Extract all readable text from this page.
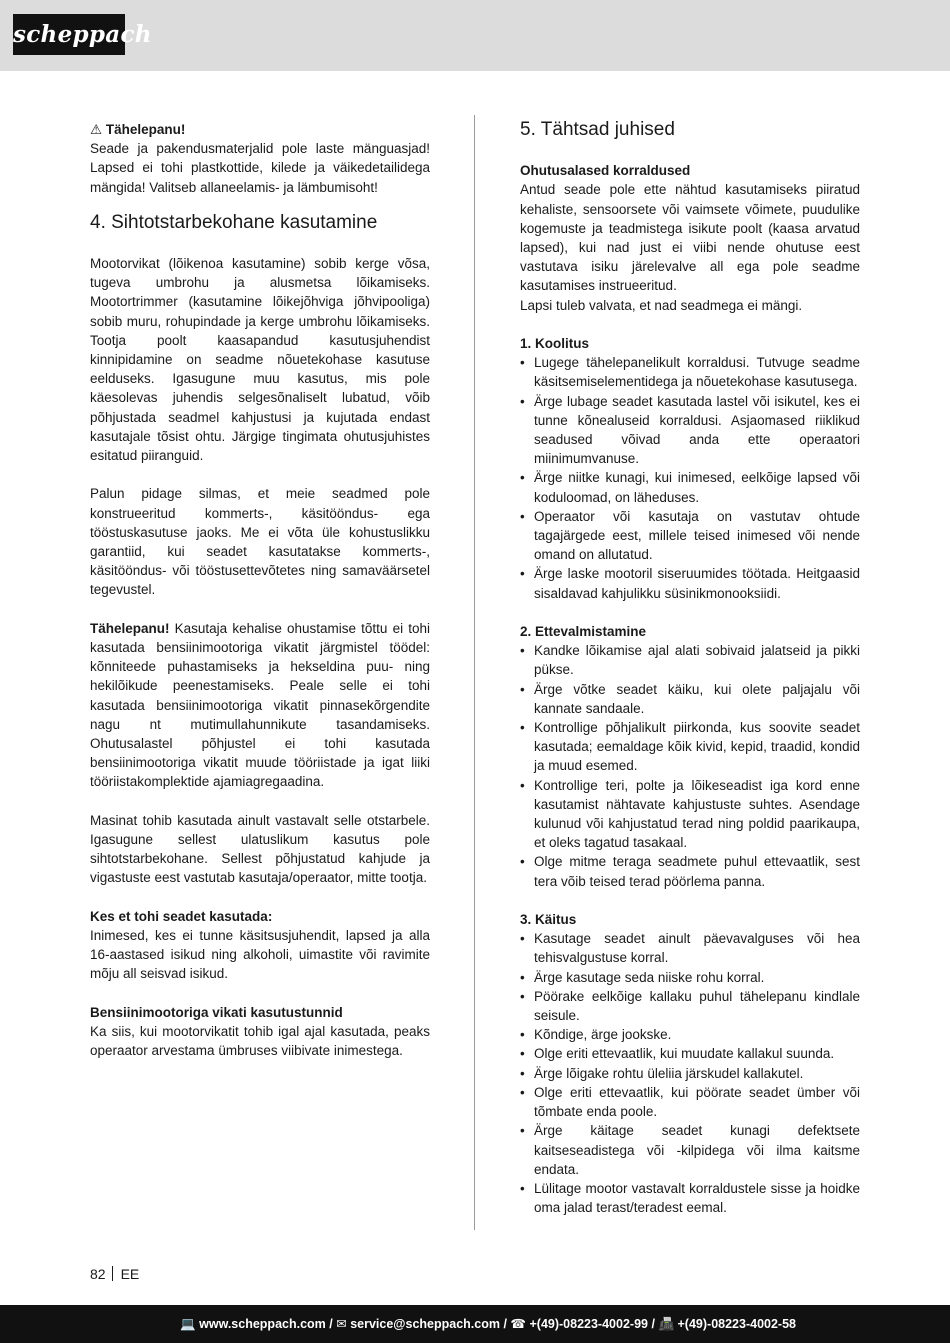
scheppach

⚠ Tähelepanu!
Seade ja pakendusmaterjalid pole laste mänguasjad! Lapsed ei tohi plastkottide, kilede ja väikedetailidega mängida! Valitseb allaneelamis- ja lämbumisoht!

4. Sihtotstarbekohane kasutamine

Mootorvikat (lõikenoa kasutamine) sobib kerge võsa, tugeva umbrohu ja alusmetsa lõikamiseks. Mootortrimmer (kasutamine lõikejõhviga jõhvipooliga) sobib muru, rohupindade ja kerge umbrohu lõikamiseks. Tootja poolt kaasapandud kasutusjuhendist kinnipidamine on seadme nõuetekohase kasutuse eelduseks. Igasugune muu kasutus, mis pole käesolevas juhendis selgesõnaliselt lubatud, võib põhjustada seadmel kahjustusi ja kujutada endast kasutajale tõsist ohtu. Järgige tingimata ohutusjuhistes esitatud piiranguid.

Palun pidage silmas, et meie seadmed pole konstrueeritud kommerts-, käsitööndus- ega tööstuskasutuse jaoks. Me ei võta üle kohustuslikku garantiid, kui seadet kasutatakse kommerts-, käsitööndus- või tööstusettevõtetes ning samaväärsetel tegevustel.

Tähelepanu! Kasutaja kehalise ohustamise tõttu ei tohi kasutada bensiinimootoriga vikatit järgmistel töödel: kõnniteede puhastamiseks ja hekseldina puu- ning hekilõikude peenestamiseks. Peale selle ei tohi kasutada bensiinimootoriga vikatit pinnasekõrgendite nagu nt mutimullahunnikute tasandamiseks. Ohutusalastel põhjustel ei tohi kasutada bensiinimootoriga vikatit muude tööriistade ja igat liiki tööriistakomplektide ajamiagregaadina.

Masinat tohib kasutada ainult vastavalt selle otstarbele. Igasugune sellest ulatuslikum kasutus pole sihtotstarbekohane. Sellest põhjustatud kahjude ja vigastuste eest vastutab kasutaja/operaator, mitte tootja.

Kes et tohi seadet kasutada:

Inimesed, kes ei tunne käsitsusjuhendit, lapsed ja alla 16-aastased isikud ning alkoholi, uimastite või ravimite mõju all seisvad isikud.

Bensiinimootoriga vikati kasutustunnid

Ka siis, kui mootorvikatit tohib igal ajal kasutada, peaks operaator arvestama ümbruses viibivate inimestega.

5. Tähtsad juhised

Ohutusalased korraldused

Antud seade pole ette nähtud kasutamiseks piiratud kehaliste, sensoorsete või vaimsete võimete, puudulike kogemuste ja teadmistega isikute poolt (kaasa arvatud lapsed), kui nad just ei viibi nende ohutuse eest vastutava isiku järelevalve all ega pole seadme kasutamises instrueeritud.

Lapsi tuleb valvata, et nad seadmega ei mängi.

1. Koolitus

• Lugege tähelepanelikult korraldusi. Tutvuge seadme käsitsemiselementidega ja nõuetekohase kasutusega.
• Ärge lubage seadet kasutada lastel või isikutel, kes ei tunne kõnealuseid korraldusi. Asjaomased riiklikud seadused võivad anda ette operaatori miinimumvanuse.
• Ärge niitke kunagi, kui inimesed, eelkõige lapsed või koduloomad, on läheduses.
• Operaator või kasutaja on vastutav ohtude tagajärgede eest, millele teised inimesed või nende omand on allutatud.
• Ärge laske mootoril siseruumides töötada. Heitgaasid sisaldavad kahjulikku süsinikmonooksiidi.

2. Ettevalmistamine

• Kandke lõikamise ajal alati sobivaid jalatseid ja pikki pükse.
• Ärge võtke seadet käiku, kui olete paljajalu või kannate sandaale.
• Kontrollige põhjalikult piirkonda, kus soovite seadet kasutada; eemaldage kõik kivid, kepid, traadid, kondid ja muud esemed.
• Kontrollige teri, polte ja lõikeseadist iga kord enne kasutamist nähtavate kahjustuste suhtes. Asendage kulunud või kahjustatud terad ning poldid paarikaupa, et oleks tagatud tasakaal.
• Olge mitme teraga seadmete puhul ettevaatlik, sest tera võib teised terad pöörlema panna.

3. Käitus

• Kasutage seadet ainult päevavalguses või hea tehisvalgustuse korral.
• Ärge kasutage seda niiske rohu korral.
• Pöörake eelkõige kallaku puhul tähelepanu kindlale seisule.
• Kõndige, ärge jookske.
• Olge eriti ettevaatlik, kui muudate kallakul suunda.
• Ärge lõigake rohtu üleliia järskudel kallakutel.
• Olge eriti ettevaatlik, kui pöörate seadet ümber või tõmbate enda poole.
• Ärge käitage seadet kunagi defektsete kaitseseadistega või -kilpidega või ilma kaitsme endata.
• Lülitage mootor vastavalt korraldustele sisse ja hoidke oma jalad terast/teradest eemal.
82 EE
💻 www.scheppach.com / ✉ service@scheppach.com / ☎ +(49)-08223-4002-99 / 📠 +(49)-08223-4002-58
